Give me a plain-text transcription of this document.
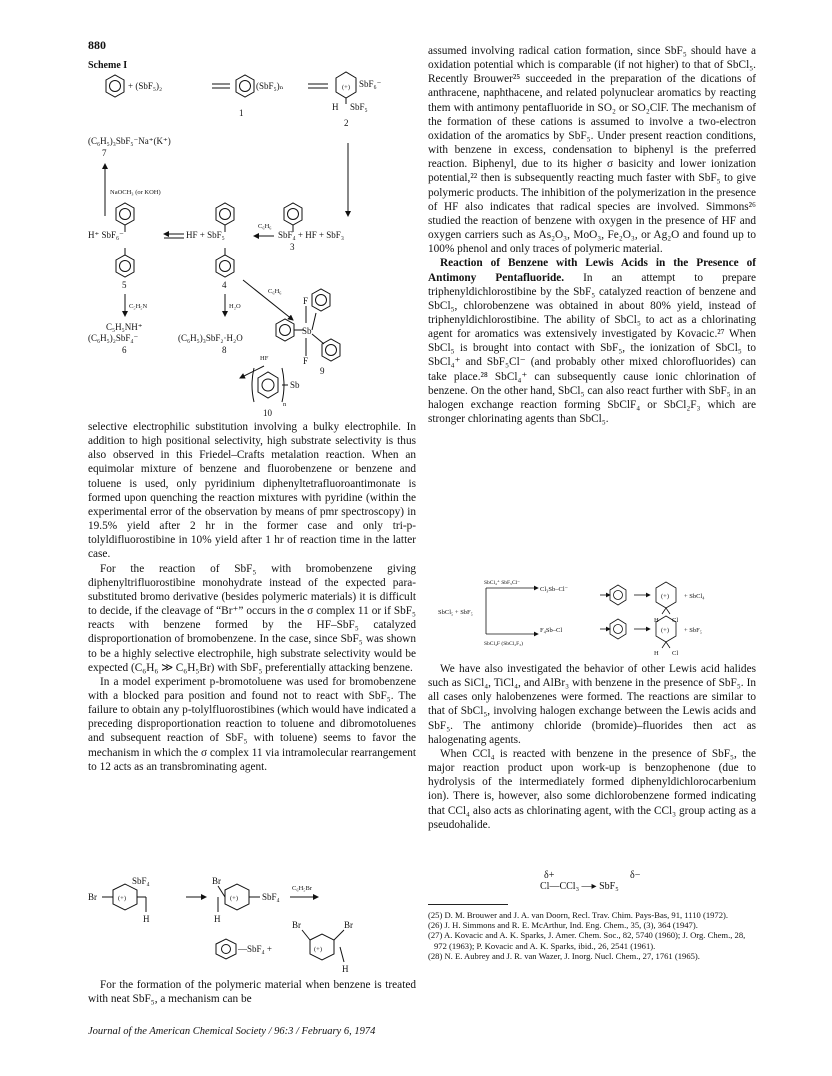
880
Scheme I
+ (SbF₅)₂	(SbF₅)ₙ	(+) SbF₆⁻
H SbF₅
1
2
(C₆H₅)₃SbF₅⁻Na⁺(K⁺)
7
NaOCH₃ (or KOH)
H⁺ SbF₆⁻	HF + SbF₅
C₆H₆
SbF₄ + HF + SbF₃
3
5	4
C₅H₅N	H₂O
C₆H₆
C₅H₅NH⁺
(C₆H₅)₂SbF₄⁻
6
(C₆H₅)₃SbF₂·H₂O
8
F
Sb
F
HF
9
Sb
n
10

selective electrophilic substitution involving a bulky electrophile. In addition to high positional selectivity, high substrate selectivity is thus also observed in this Friedel–Crafts metalation reaction. When an equimolar mixture of benzene and fluorobenzene or benzene and toluene is used, only pyridinium diphenyltetrafluoroantimonate is formed upon quenching the reaction mixtures with pyridine (within the experimental error of the observation by means of pmr spectroscopy) in 19.5% yield after 2 hr in the former case and only tri-p-tolyldifluorostibine in 10% yield after 1 hr of reaction time in the latter case.

For the reaction of SbF₅ with bromobenzene giving diphenyltrifluorostibine monohydrate instead of the expected para-substituted bromo derivative (besides polymeric materials) it is difficult to decide, if the cleavage of “Br⁺” occurs in the σ complex 11 or if SbF₅ reacts with benzene formed by the HF–SbF₅ catalyzed disproportionation of bromobenzene. In the case, since SbF₅ was shown to be a highly selective electrophile, high substrate selectivity would be expected (C₆H₆ ≫ C₆H₅Br) with SbF₅ preferentially attacking benzene.

In a model experiment p-bromotoluene was used for bromobenzene with a blocked para position and found not to react with SbF₅. The failure to obtain any p-tolylfluorostibines (which would have indicated a preceding disproportionation reaction to toluene and dibromotoluenes and subsequent reaction of SbF₅ with toluene) seems to favor the mechanism in which the σ complex 11 via intramolecular rearrangement to 12 acts as an transbrominating agent.

Br	(+)
SbF₄
H
Br
(+)	SbF₄
H
C₆H₅Br
—SbF₄ +
Br
(+)
Br
H

For the formation of the polymeric material when benzene is treated with neat SbF₅, a mechanism can be

assumed involving radical cation formation, since SbF₅ should have a oxidation potential which is comparable (if not higher) to that of SbCl₅. Recently Brouwer²⁵ succeeded in the preparation of the dications of anthracene, naphthacene, and related polynuclear aromatics by reacting them with antimony pentafluoride in SO₂ or SO₂ClF. The mechanism of the formation of these cations is assumed to involve a two-electron oxidation of the aromatics by SbF₅. Under present reaction conditions, with benzene in excess, condensation to biphenyl is the preferred reaction. Biphenyl, due to its higher σ basicity and lower ionization potential,²² then is subsequently reacting much faster with SbF₅ to give polymeric products. The inhibition of the polymerization in the presence of HF also indicates that radical species are involved. Simmons²⁶ studied the reaction of benzene with oxygen in the presence of HF and oxygen carriers such as As₂O₃, MoO₃, Fe₂O₃, or Ag₂O and found up to 100% phenol and only traces of polymeric material.

Reaction of Benzene with Lewis Acids in the Presence of Antimony Pentafluoride. In an attempt to prepare triphenyldichlorostibine by the SbF₅ catalyzed reaction of benzene and SbCl₅, chlorobenzene was obtained in about 80% yield, instead of triphenyldichlorostibine. The ability of SbCl₅ to act as a chlorinating agent for aromatics was extensively investigated by Kovacic.²⁷ When SbCl₅ is brought into contact with SbF₅, the ionization of SbCl₅ to SbCl₄⁺ and SbF₅Cl⁻ (and probably other mixed chlorofluorides) can take place.²⁸ SbCl₄⁺ can subsequently cause ionic chlorination of benzene. On the other hand, SbCl₅ can also react further with SbF₅ in an halogen exchange reaction forming SbClF₄ or SbCl₂F₃ which are stronger chlorinating agents than SbCl₅.

SbCl₄⁺ SbF₅Cl⁻
SbCl₅ + SbF₅
SbCl₄F (SbCl₂F₃)
Cl₃Sb–Cl⁻
F₄Sb–Cl
(+)
(+)
+ SbCl₄
+ SbF₅
H Cl
H Cl

We have also investigated the behavior of other Lewis acid halides such as SiCl₄, TiCl₄, and AlBr₃ with benzene in the presence of SbF₅. In all cases only halobenzenes were formed. The reactions are similar to that of SbCl₅, involving halogen exchange between the Lewis acids and SbF₅. The antimony chloride (bromide)–fluorides then act as halogenating agents.

When CCl₄ is reacted with benzene in the presence of SbF₅, the major reaction product upon work-up is benzophenone (due to hydrolysis of the intermediately formed diphenyldichlorocarbenium ion). There is, however, also some dichlorobenzene formed indicating that CCl₄ also acts as chlorinating agent, with the CCl₃ group acting as a pseudohalide.

δ+	δ−
Cl—CCl₃ —▸ SbF₅
(25) D. M. Brouwer and J. A. van Doorn, Recl. Trav. Chim. Pays-Bas, 91, 1110 (1972).
(26) J. H. Simmons and R. E. McArthur, Ind. Eng. Chem., 35, (3), 364 (1947).
(27) A. Kovacic and A. K. Sparks, J. Amer. Chem. Soc., 82, 5740 (1960); J. Org. Chem., 28, 972 (1963); P. Kovacic and A. K. Sparks, ibid., 26, 2541 (1961).
(28) N. E. Aubrey and J. R. van Wazer, J. Inorg. Nucl. Chem., 27, 1761 (1965).
Journal of the American Chemical Society / 96:3 / February 6, 1974
